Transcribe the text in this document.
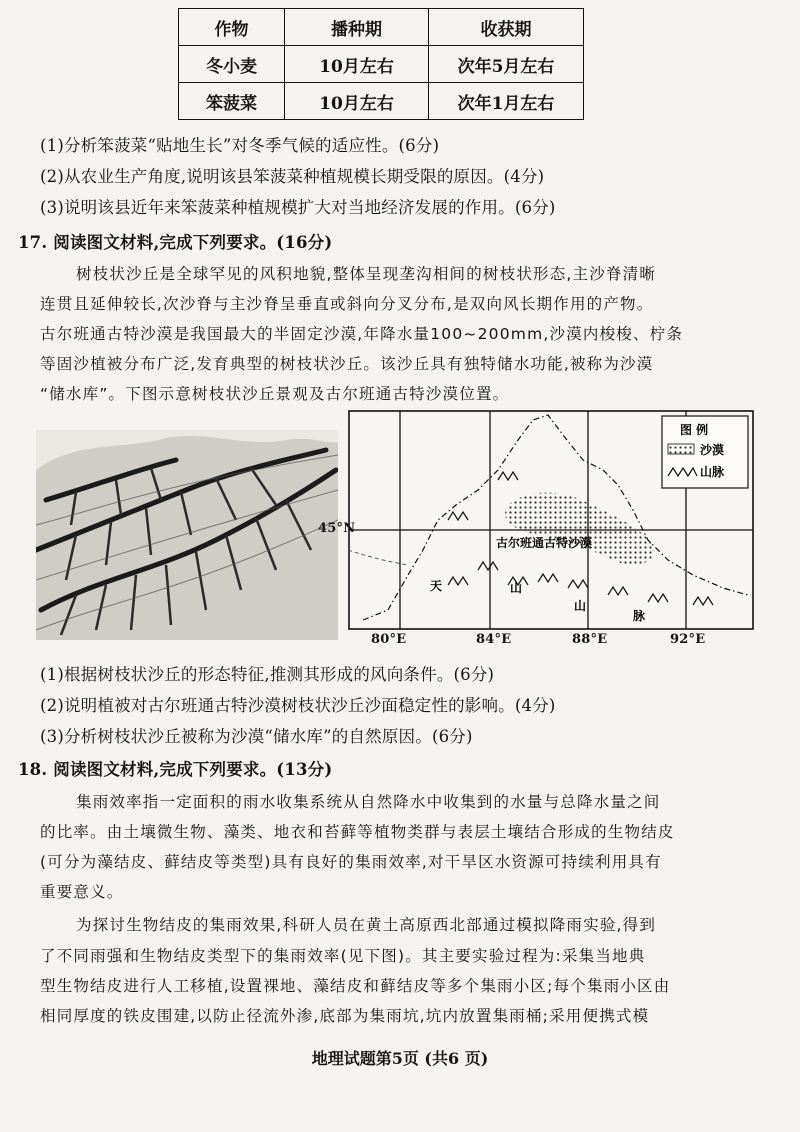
作物	播种期	收获期
冬小麦	10月左右	次年5月左右
笨菠菜	10月左右	次年1月左右
(1)分析笨菠菜“贴地生长”对冬季气候的适应性。(6分)
(2)从农业生产角度,说明该县笨菠菜种植规模长期受限的原因。(4分)
(3)说明该县近年来笨菠菜种植规模扩大对当地经济发展的作用。(6分)
17. 阅读图文材料,完成下列要求。(16分)
树枝状沙丘是全球罕见的风积地貌,整体呈现垄沟相间的树枝状形态,主沙脊清晰
连贯且延伸较长,次沙脊与主沙脊呈垂直或斜向分叉分布,是双向风长期作用的产物。
古尔班通古特沙漠是我国最大的半固定沙漠,年降水量100~200mm,沙漠内梭梭、柠条
等固沙植被分布广泛,发育典型的树枝状沙丘。该沙丘具有独特储水功能,被称为沙漠
“储水库”。下图示意树枝状沙丘景观及古尔班通古特沙漠位置。
古尔班通古特沙漠
天	山
山
脉
图 例
沙漠
山脉
45°N
80°E	84°E	88°E	92°E
(1)根据树枝状沙丘的形态特征,推测其形成的风向条件。(6分)
(2)说明植被对古尔班通古特沙漠树枝状沙丘沙面稳定性的影响。(4分)
(3)分析树枝状沙丘被称为沙漠“储水库”的自然原因。(6分)
18. 阅读图文材料,完成下列要求。(13分)
集雨效率指一定面积的雨水收集系统从自然降水中收集到的水量与总降水量之间
的比率。由土壤微生物、藻类、地衣和苔藓等植物类群与表层土壤结合形成的生物结皮
(可分为藻结皮、藓结皮等类型)具有良好的集雨效率,对干旱区水资源可持续利用具有
重要意义。
为探讨生物结皮的集雨效果,科研人员在黄土高原西北部通过模拟降雨实验,得到
了不同雨强和生物结皮类型下的集雨效率(见下图)。其主要实验过程为:采集当地典
型生物结皮进行人工移植,设置裸地、藻结皮和藓结皮等多个集雨小区;每个集雨小区由
相同厚度的铁皮围建,以防止径流外渗,底部为集雨坑,坑内放置集雨桶;采用便携式模
地理试题第5页 (共6 页)
